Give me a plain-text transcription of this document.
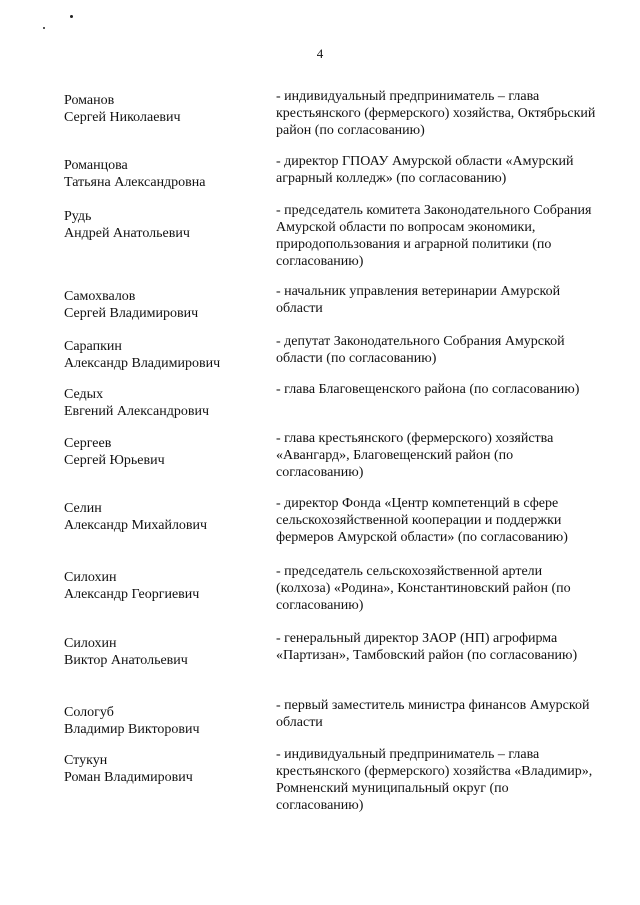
4
Романов
Сергей Николаевич
- индивидуальный предприниматель – глава крестьянского (фермерского) хозяйства, Октябрьский район (по согласованию)
Романцова
Татьяна Александровна
- директор ГПОАУ Амурской области «Амурский аграрный колледж» (по согласованию)
Рудь
Андрей Анатольевич
- председатель комитета Законодательного Собрания Амурской области по вопросам экономики, природопользования и аграрной политики (по согласованию)
Самохвалов
Сергей Владимирович
- начальник управления ветеринарии Амурской области
Сарапкин
Александр Владимирович
- депутат Законодательного Собрания Амурской области (по согласованию)
Седых
Евгений Александрович
- глава Благовещенского района (по согласованию)
Сергеев
Сергей Юрьевич
- глава крестьянского (фермерского) хозяйства «Авангард», Благовещенский район (по согласованию)
Селин
Александр Михайлович
- директор Фонда «Центр компетенций в сфере сельскохозяйственной кооперации и поддержки фермеров Амурской области» (по согласованию)
Силохин
Александр Георгиевич
- председатель сельскохозяйственной артели (колхоза) «Родина», Константиновский район (по согласованию)
Силохин
Виктор Анатольевич
- генеральный директор ЗАОР (НП) агрофирма «Партизан», Тамбовский район (по согласованию)
Сологуб
Владимир Викторович
- первый заместитель министра финансов Амурской области
Стукун
Роман Владимирович
- индивидуальный предприниматель – глава крестьянского (фермерского) хозяйства «Владимир», Ромненский муниципальный округ (по согласованию)
